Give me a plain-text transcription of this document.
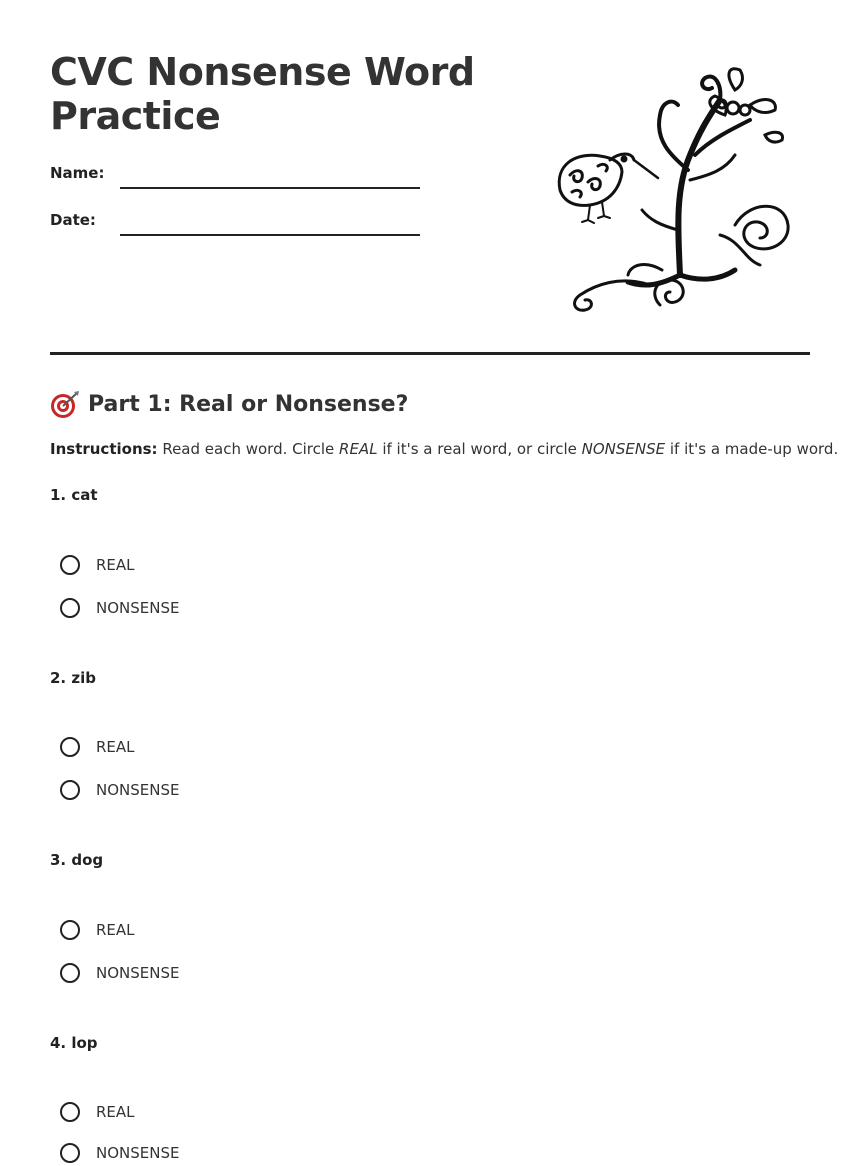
CVC Nonsense Word Practice
Name:
Date:
Part 1: Real or Nonsense?
Instructions: Read each word. Circle REAL if it's a real word, or circle NONSENSE if it's a made-up word.
1. cat
REAL
NONSENSE
2. zib
REAL
NONSENSE
3. dog
REAL
NONSENSE
4. lop
REAL
NONSENSE
